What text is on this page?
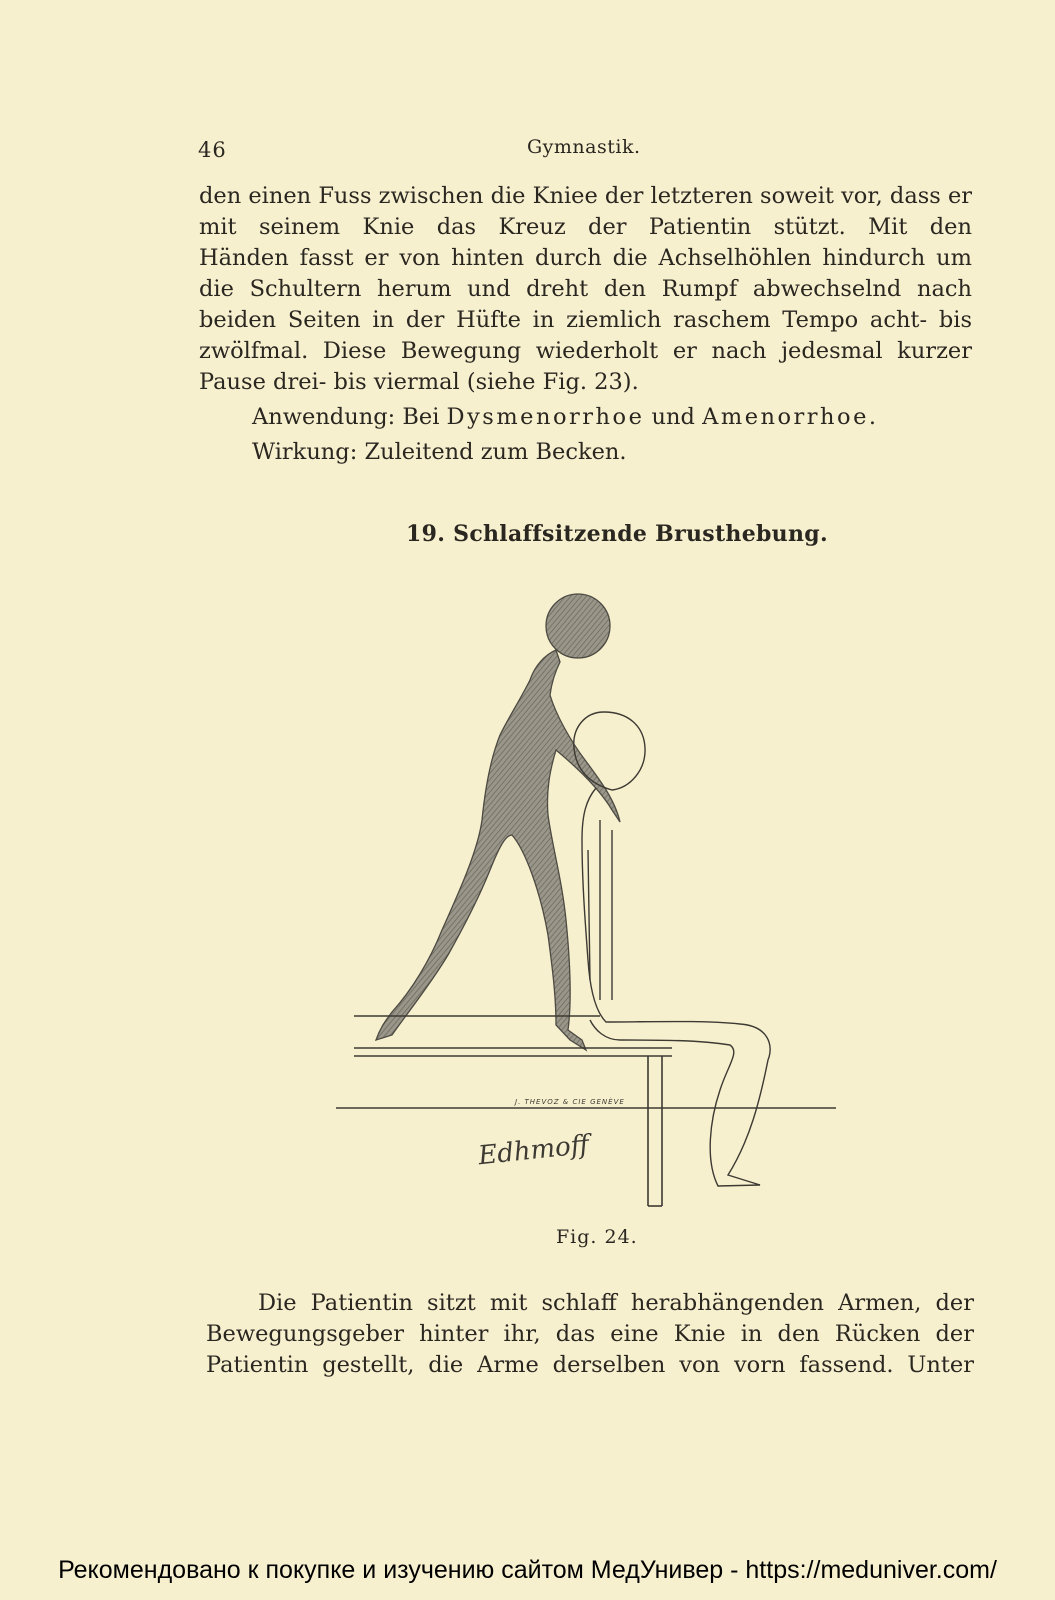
46	Gymnastik.
den einen Fuss zwischen die Kniee der letzteren soweit vor, dass er
mit seinem Knie das Kreuz der Patientin stützt. Mit den
Händen fasst er von hinten durch die Achselhöhlen hindurch um
die Schultern herum und dreht den Rumpf abwechselnd nach
beiden Seiten in der Hüfte in ziemlich raschem Tempo acht- bis
zwölfmal. Diese Bewegung wiederholt er nach jedesmal kurzer
Pause drei- bis viermal (siehe Fig. 23).
Anwendung: Bei Dysmenorrhoe und Amenorrhoe.
Wirkung: Zuleitend zum Becken.
19. Schlaffsitzende Brusthebung.
J. THEVOZ & CIE GENÈVE
Edhmoff
Fig. 24.
Die Patientin sitzt mit schlaff herabhängenden Armen, der
Bewegungsgeber hinter ihr, das eine Knie in den Rücken der
Patientin gestellt, die Arme derselben von vorn fassend. Unter
Рекомендовано к покупке и изучению сайтом МедУнивер - https://meduniver.com/
